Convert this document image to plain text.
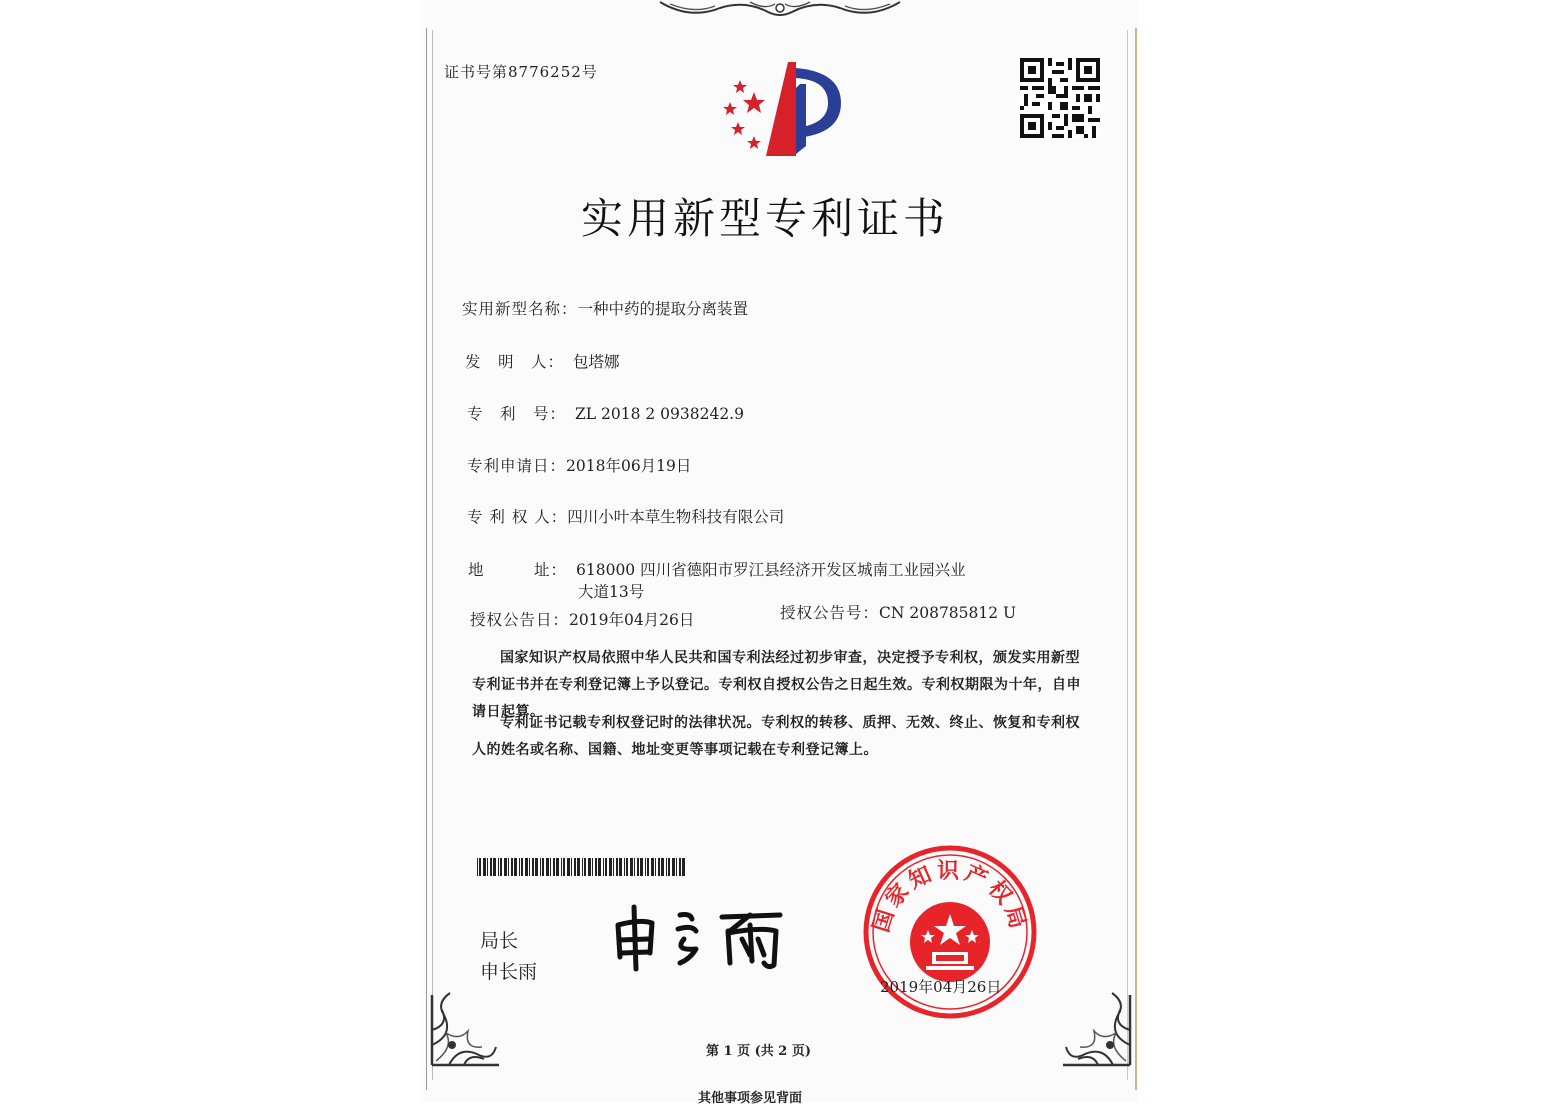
证书号第8776252号
实用新型专利证书
实用新型名称：一种中药的提取分离装置
发　明　人： 包塔娜
专　利　号： ZL 2018 2 0938242.9
专利申请日：2018年06月19日
专 利 权 人：四川小叶本草生物科技有限公司
地　　　址： 618000 四川省德阳市罗江县经济开发区城南工业园兴业
大道13号
授权公告日：2019年04月26日	授权公告号：CN 208785812 U
国家知识产权局依照中华人民共和国专利法经过初步审查，决定授予专利权，颁发实用新型专利证书并在专利登记簿上予以登记。专利权自授权公告之日起生效。专利权期限为十年，自申请日起算。
专利证书记载专利权登记时的法律状况。专利权的转移、质押、无效、终止、恢复和专利权人的姓名或名称、国籍、地址变更等事项记载在专利登记簿上。
局长
申长雨
国家知识产权局
2019年04月26日
第 1 页 (共 2 页)
其他事项参见背面
